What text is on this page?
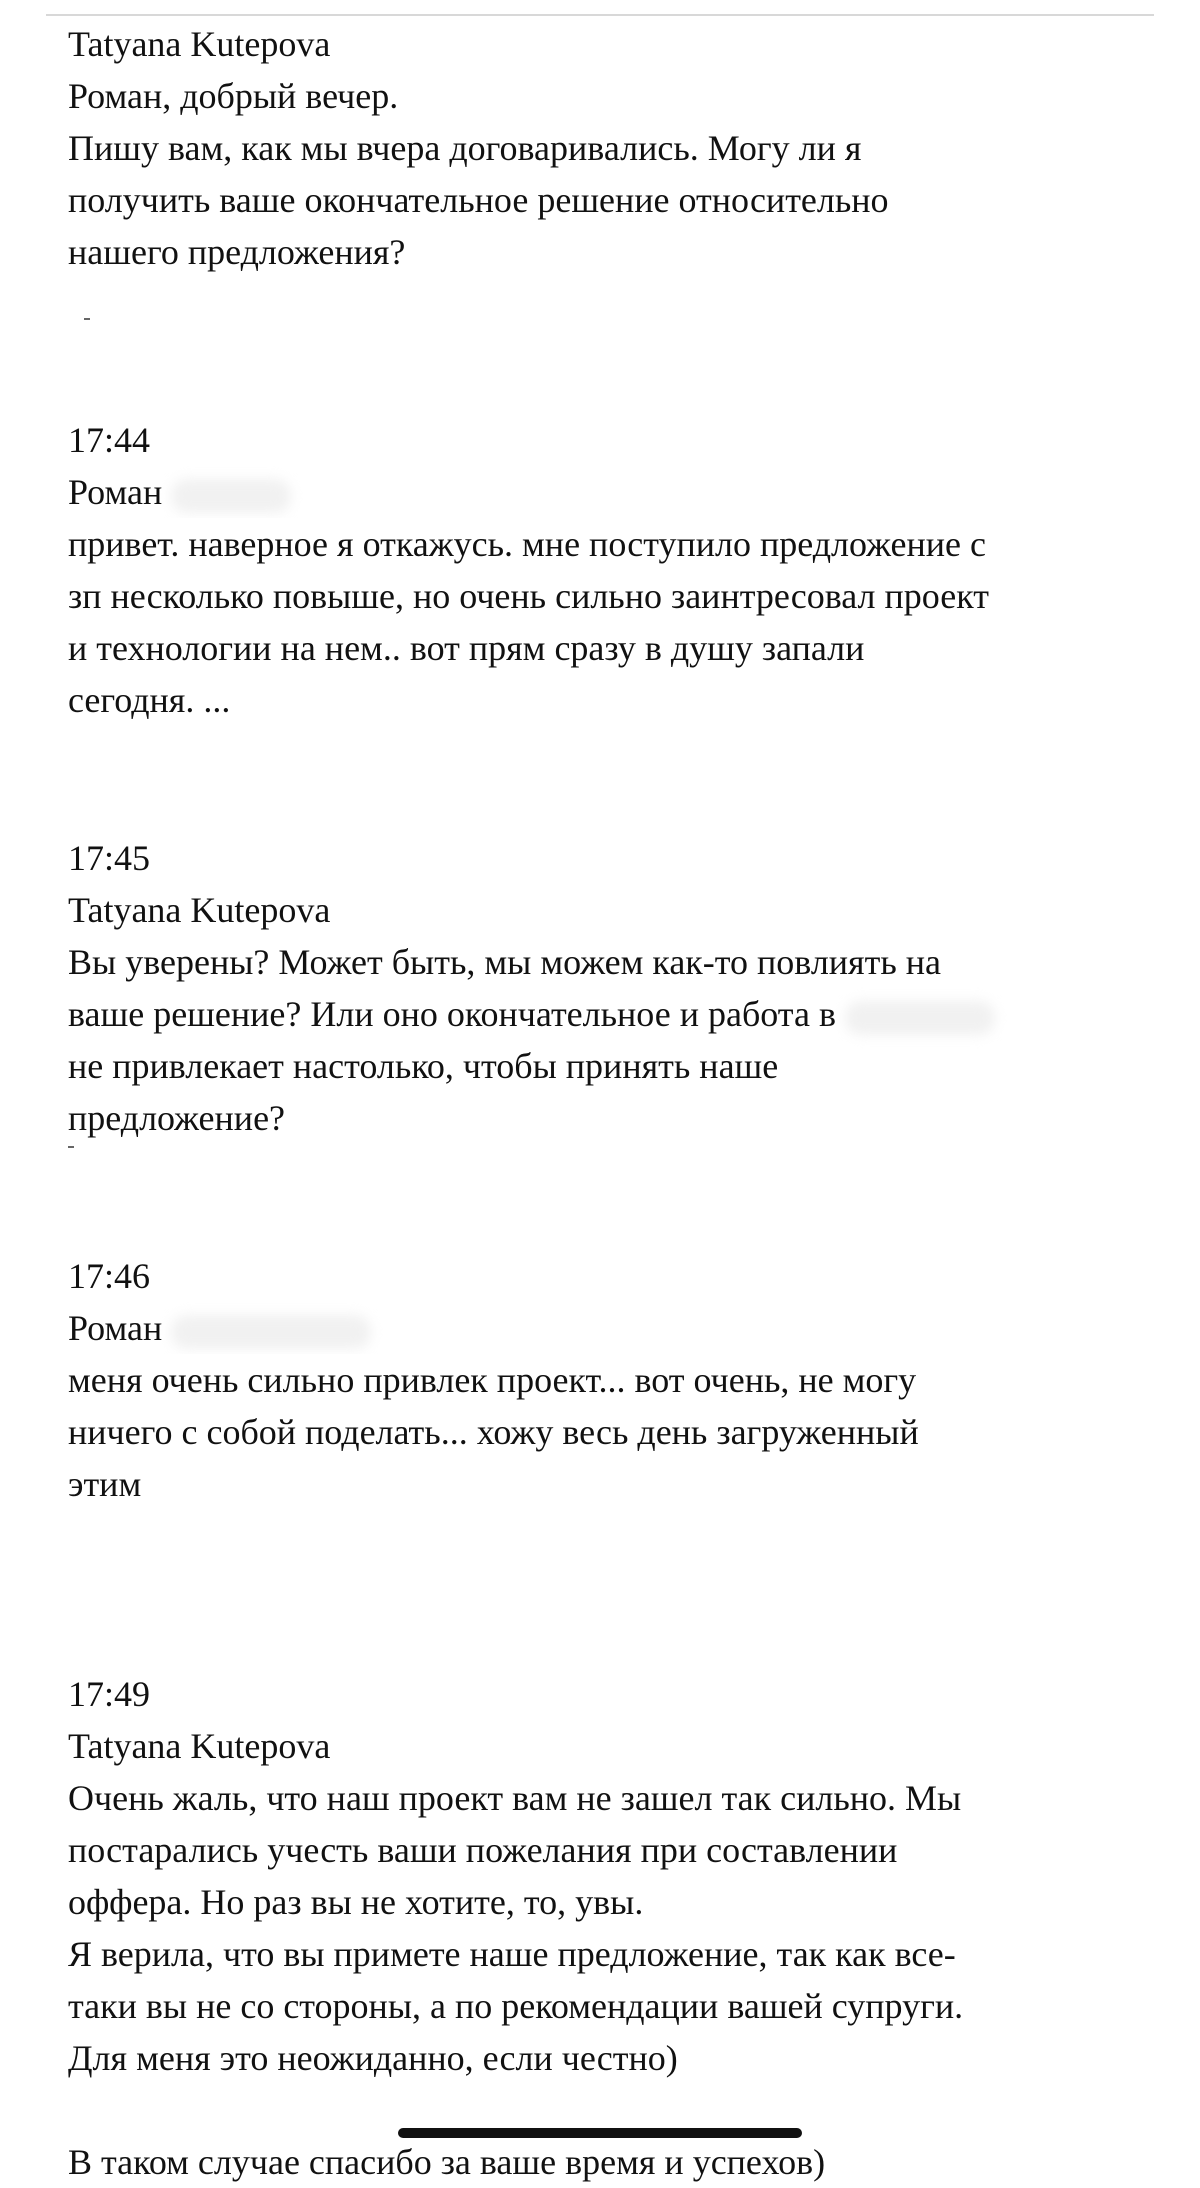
Tatyana Kutepova

Роман, добрый вечер.

Пишу вам, как мы вчера договаривались. Могу ли я

получить ваше окончательное решение относительно

нашего предложения?

17:44
Роман

привет. наверное я откажусь. мне поступило предложение с

зп несколько повыше, но очень сильно заинтресовал проект

и технологии на нем.. вот прям сразу в душу запали

сегодня. ...

17:45
Tatyana Kutepova

Вы уверены? Может быть, мы можем как-то повлиять на

ваше решение? Или оно окончательное и работа в

не привлекает настолько, чтобы принять наше

предложение?

17:46
Роман

меня очень сильно привлек проект... вот очень, не могу

ничего с собой поделать... хожу весь день загруженный

этим

17:49
Tatyana Kutepova

Очень жаль, что наш проект вам не зашел так сильно. Мы

постарались учесть ваши пожелания при составлении

оффера. Но раз вы не хотите, то, увы.

Я верила, что вы примете наше предложение, так как все-

таки вы не со стороны, а по рекомендации вашей супруги.

Для меня это неожиданно, если честно)

В таком случае спасибо за ваше время и успехов)
